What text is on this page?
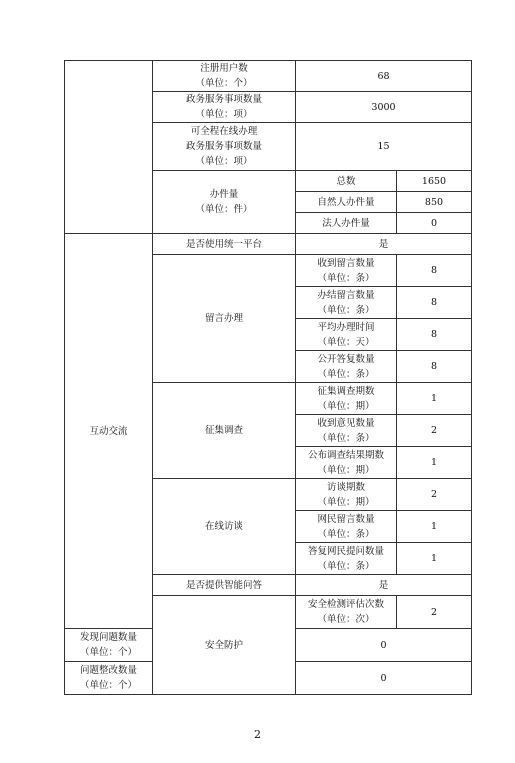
	注册用户数
（单位：个）	68	

	政务服务事项数量
（单位：项）	3000	

	可全程在线办理
政务服务事项数量
（单位：项）	15	

	办件量
（单位：件）	总数	1650
		自然人办件量	850
		法人办件量	0
互动交流	是否使用统一平台	是	
	留言办理	收到留言数量
（单位：条）	8

		办结留言数量
（单位：条）	8

		平均办理时间
（单位：天）	8

		公开答复数量
（单位：条）	8
	征集调查	征集调查期数
（单位：期）	1

		收到意见数量
（单位：条）	2

		公布调查结果期数
（单位：期）	1
	在线访谈	访谈期数
（单位：期）	2

		网民留言数量
（单位：条）	1

		答复网民提问数量
（单位：条）	1
	是否提供智能问答	是	
	安全防护	安全检测评估次数
（单位：次）	2

发现问题数量
（单位：个）		0	

问题整改数量
（单位：个）		0	
2
